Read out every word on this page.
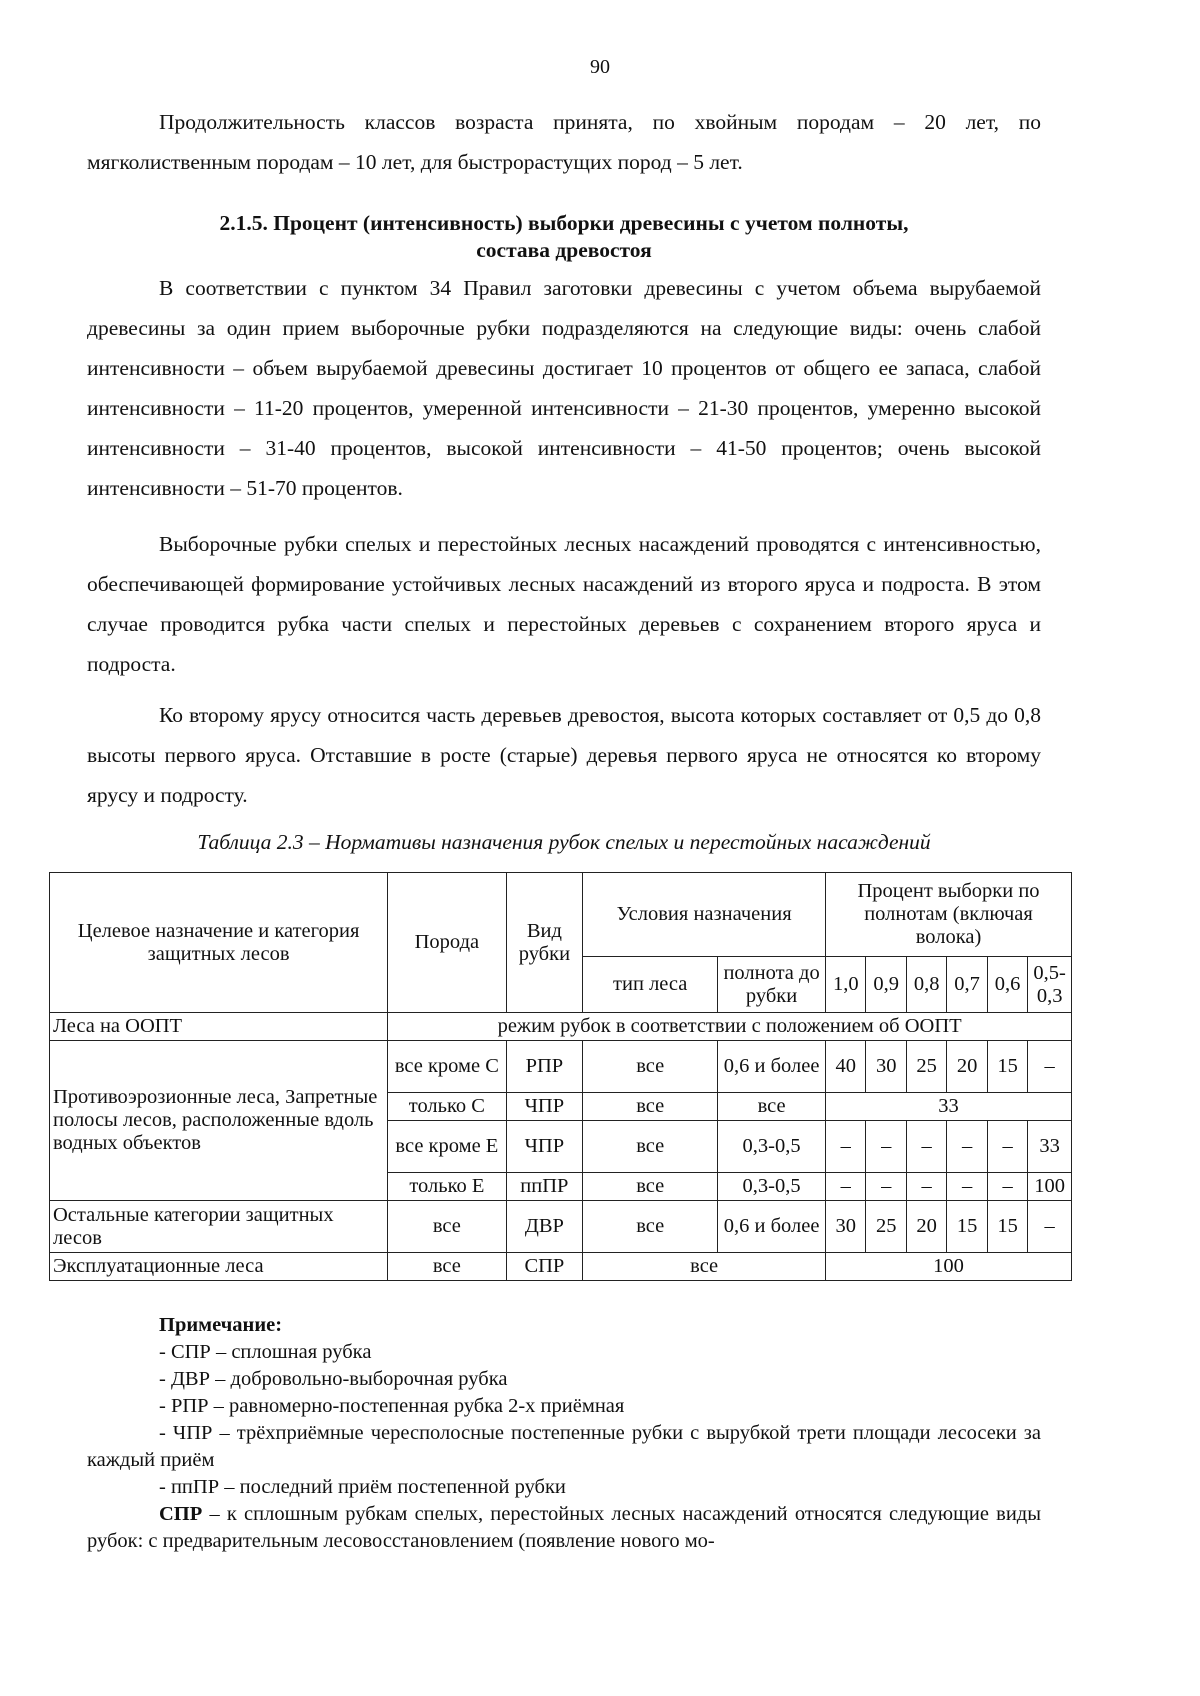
90
Продолжительность классов возраста принята, по хвойным породам – 20 лет, по мягколиственным породам – 10 лет, для быстрорастущих пород – 5 лет.
2.1.5. Процент (интенсивность) выборки древесины с учетом полноты,
состава древостоя
В соответствии с пунктом 34 Правил заготовки древесины с учетом объема вырубаемой древесины за один прием выборочные рубки подразделяются на следующие виды: очень слабой интенсивности – объем вырубаемой древесины достигает 10 процентов от общего ее запаса, слабой интенсивности – 11-20 процентов, умеренной интенсивности – 21-30 процентов, умеренно высокой интенсивности – 31-40 процентов, высокой интенсивности – 41-50 процентов; очень высокой интенсивности – 51-70 процентов.
Выборочные рубки спелых и перестойных лесных насаждений проводятся с интенсивностью, обеспечивающей формирование устойчивых лесных насаждений из второго яруса и подроста. В этом случае проводится рубка части спелых и перестойных деревьев с сохранением второго яруса и подроста.
Ко второму ярусу относится часть деревьев древостоя, высота которых составляет от 0,5 до 0,8 высоты первого яруса. Отставшие в росте (старые) деревья первого яруса не относятся ко второму ярусу и подросту.
Таблица 2.3 – Нормативы назначения рубок спелых и перестойных насаждений
Целевое назначение и категория защитных лесов	Порода	Вид рубки	Условия назначения		Процент выборки по полнотам (включая волока)					
			тип леса	полнота до рубки	1,0	0,9	0,8	0,7	0,6	0,5-0,3
Леса на ООПТ	режим рубок в соответствии с положением об ООПТ									
Противоэрозионные леса, Запретные полосы лесов, расположенные вдоль водных объектов	все кроме С	РПР	все	0,6 и более	40	30	25	20	15	–
	только С	ЧПР	все	все	33					
	все кроме Е	ЧПР	все	0,3-0,5	–	–	–	–	–	33
	только Е	ппПР	все	0,3-0,5	–	–	–	–	–	100
Остальные категории защитных лесов	все	ДВР	все	0,6 и более	30	25	20	15	15	–
Эксплуатационные леса	все	СПР	все		100					
Примечание:
- СПР – сплошная рубка
- ДВР – добровольно-выборочная рубка
- РПР – равномерно-постепенная рубка 2-х приёмная
- ЧПР – трёхприёмные чересполосные постепенные рубки с вырубкой трети площади лесосеки за каждый приём
- ппПР – последний приём постепенной рубки
СПР – к сплошным рубкам спелых, перестойных лесных насаждений относятся следующие виды рубок: с предварительным лесовосстановлением (появление нового мо-
